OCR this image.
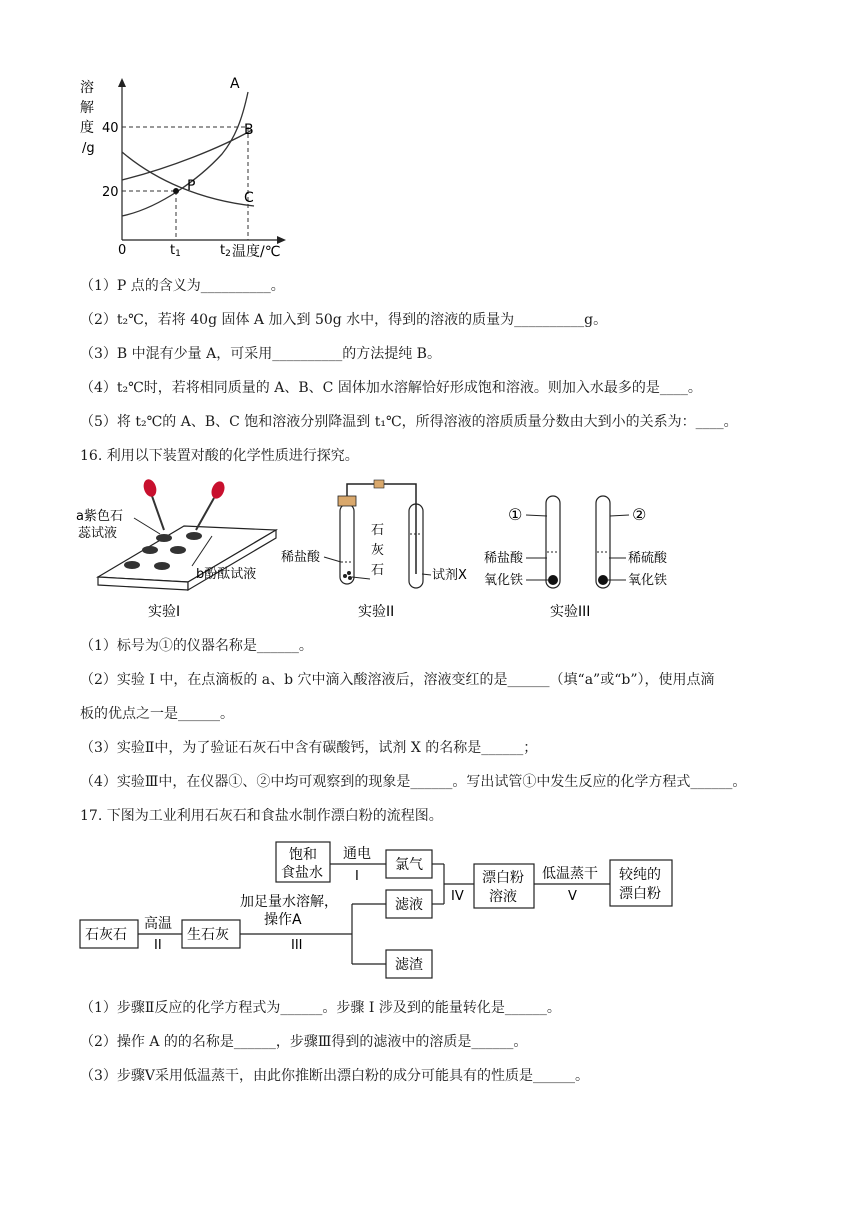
溶
解
度
/g
40
20
0	t1	t2 温度/℃
P
A
B
C
（1）P 点的含义为__________。
（2）t₂℃，若将 40g 固体 A 加入到 50g 水中，得到的溶液的质量为__________g。
（3）B 中混有少量 A，可采用__________的方法提纯 B。
（4）t₂℃时，若将相同质量的 A、B、C 固体加水溶解恰好形成饱和溶液。则加入水最多的是____。
（5）将 t₂℃的 A、B、C 饱和溶液分别降温到 t₁℃，所得溶液的溶质质量分数由大到小的关系为：____。
16. 利用以下装置对酸的化学性质进行探究。
a紫色石
蕊试液
b酚酞试液
实验I
稀盐酸
石
灰
石	试剂X
实验II
①	②
稀盐酸
氧化铁
稀硫酸
氧化铁
实验III
（1）标号为①的仪器名称是______。
（2）实验 I 中，在点滴板的 a、b 穴中滴入酸溶液后，溶液变红的是______（填“a”或“b”），使用点滴
板的优点之一是______。
（3）实验Ⅱ中，为了验证石灰石中含有碳酸钙，试剂 X 的名称是______；
（4）实验Ⅲ中，在仪器①、②中均可观察到的现象是______。写出试管①中发生反应的化学方程式______。
17. 下图为工业利用石灰石和食盐水制作漂白粉的流程图。
饱和
食盐水
通电
I
氯气
石灰石
高温
II
生石灰
加足量水溶解，
操作A
III
滤液
滤渣
IV
漂白粉
溶液
低温蒸干
V
较纯的
漂白粉
（1）步骤Ⅱ反应的化学方程式为______。步骤 I 涉及到的能量转化是______。
（2）操作 A 的的名称是______，步骤Ⅲ得到的滤液中的溶质是______。
（3）步骤Ⅴ采用低温蒸干，由此你推断出漂白粉的成分可能具有的性质是______。
